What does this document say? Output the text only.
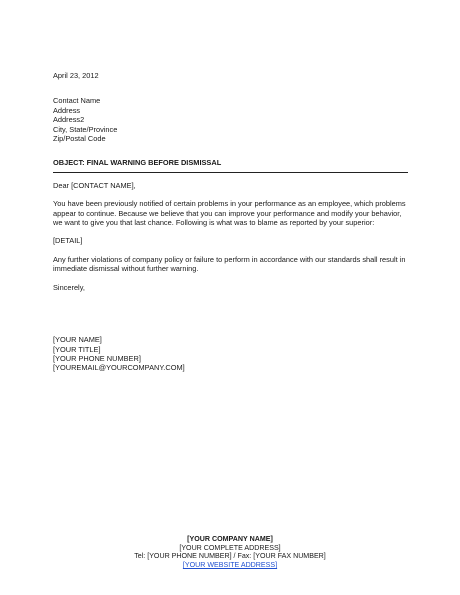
April 23, 2012
Contact Name
Address
Address2
City, State/Province
Zip/Postal Code
OBJECT: FINAL WARNING BEFORE DISMISSAL
Dear [CONTACT NAME],
You have been previously notified of certain problems in your performance as an employee, which problems appear to continue. Because we believe that you can improve your performance and modify your behavior, we want to give you that last chance. Following is what was to blame as reported by your superior:
[DETAIL]
Any further violations of company policy or failure to perform in accordance with our standards shall result in immediate dismissal without further warning.
Sincerely,
[YOUR NAME]
[YOUR TITLE]
[YOUR PHONE NUMBER]
[YOUREMAIL@YOURCOMPANY.COM]
[YOUR COMPANY NAME]
[YOUR COMPLETE ADDRESS]
Tel: [YOUR PHONE NUMBER] / Fax: [YOUR FAX NUMBER]
[YOUR WEBSITE ADDRESS]
